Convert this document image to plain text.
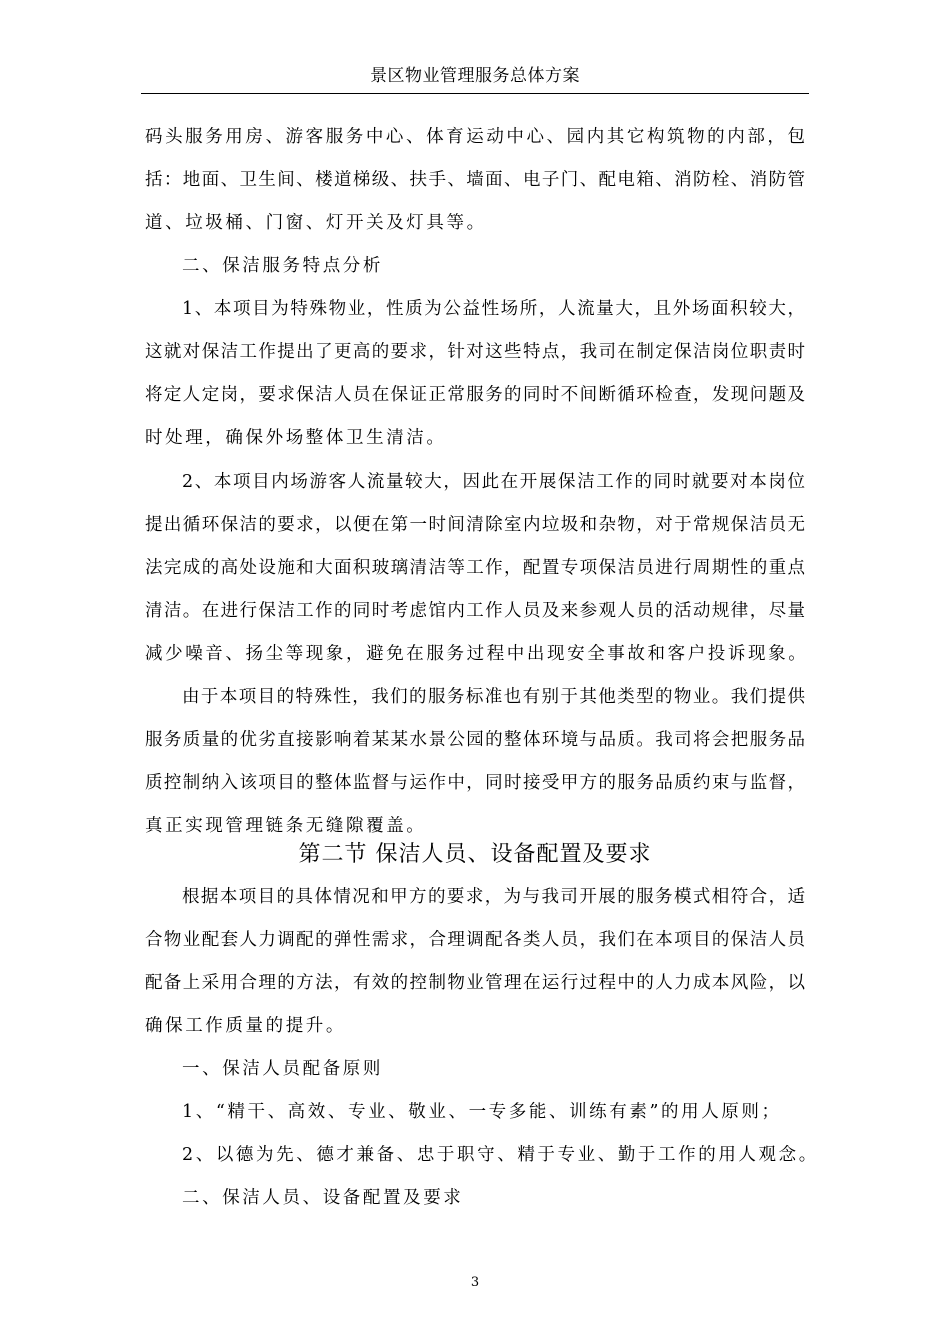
景区物业管理服务总体方案
码头服务用房、游客服务中心、体育运动中心、园内其它构筑物的内部，包
括：地面、卫生间、楼道梯级、扶手、墙面、电子门、配电箱、消防栓、消防管
道、垃圾桶、门窗、灯开关及灯具等。
二、保洁服务特点分析
1、本项目为特殊物业，性质为公益性场所，人流量大，且外场面积较大，
这就对保洁工作提出了更高的要求，针对这些特点，我司在制定保洁岗位职责时
将定人定岗，要求保洁人员在保证正常服务的同时不间断循环检查，发现问题及
时处理，确保外场整体卫生清洁。
2、本项目内场游客人流量较大，因此在开展保洁工作的同时就要对本岗位
提出循环保洁的要求，以便在第一时间清除室内垃圾和杂物，对于常规保洁员无
法完成的高处设施和大面积玻璃清洁等工作，配置专项保洁员进行周期性的重点
清洁。在进行保洁工作的同时考虑馆内工作人员及来参观人员的活动规律，尽量
减少噪音、扬尘等现象，避免在服务过程中出现安全事故和客户投诉现象。
由于本项目的特殊性，我们的服务标准也有别于其他类型的物业。我们提供
服务质量的优劣直接影响着某某水景公园的整体环境与品质。我司将会把服务品
质控制纳入该项目的整体监督与运作中，同时接受甲方的服务品质约束与监督，
真正实现管理链条无缝隙覆盖。
第二节 保洁人员、设备配置及要求
根据本项目的具体情况和甲方的要求，为与我司开展的服务模式相符合，适
合物业配套人力调配的弹性需求，合理调配各类人员，我们在本项目的保洁人员
配备上采用合理的方法，有效的控制物业管理在运行过程中的人力成本风险，以
确保工作质量的提升。
一、保洁人员配备原则
1、“精干、高效、专业、敬业、一专多能、训练有素”的用人原则；
2、以德为先、德才兼备、忠于职守、精于专业、勤于工作的用人观念。
二、保洁人员、设备配置及要求
3
